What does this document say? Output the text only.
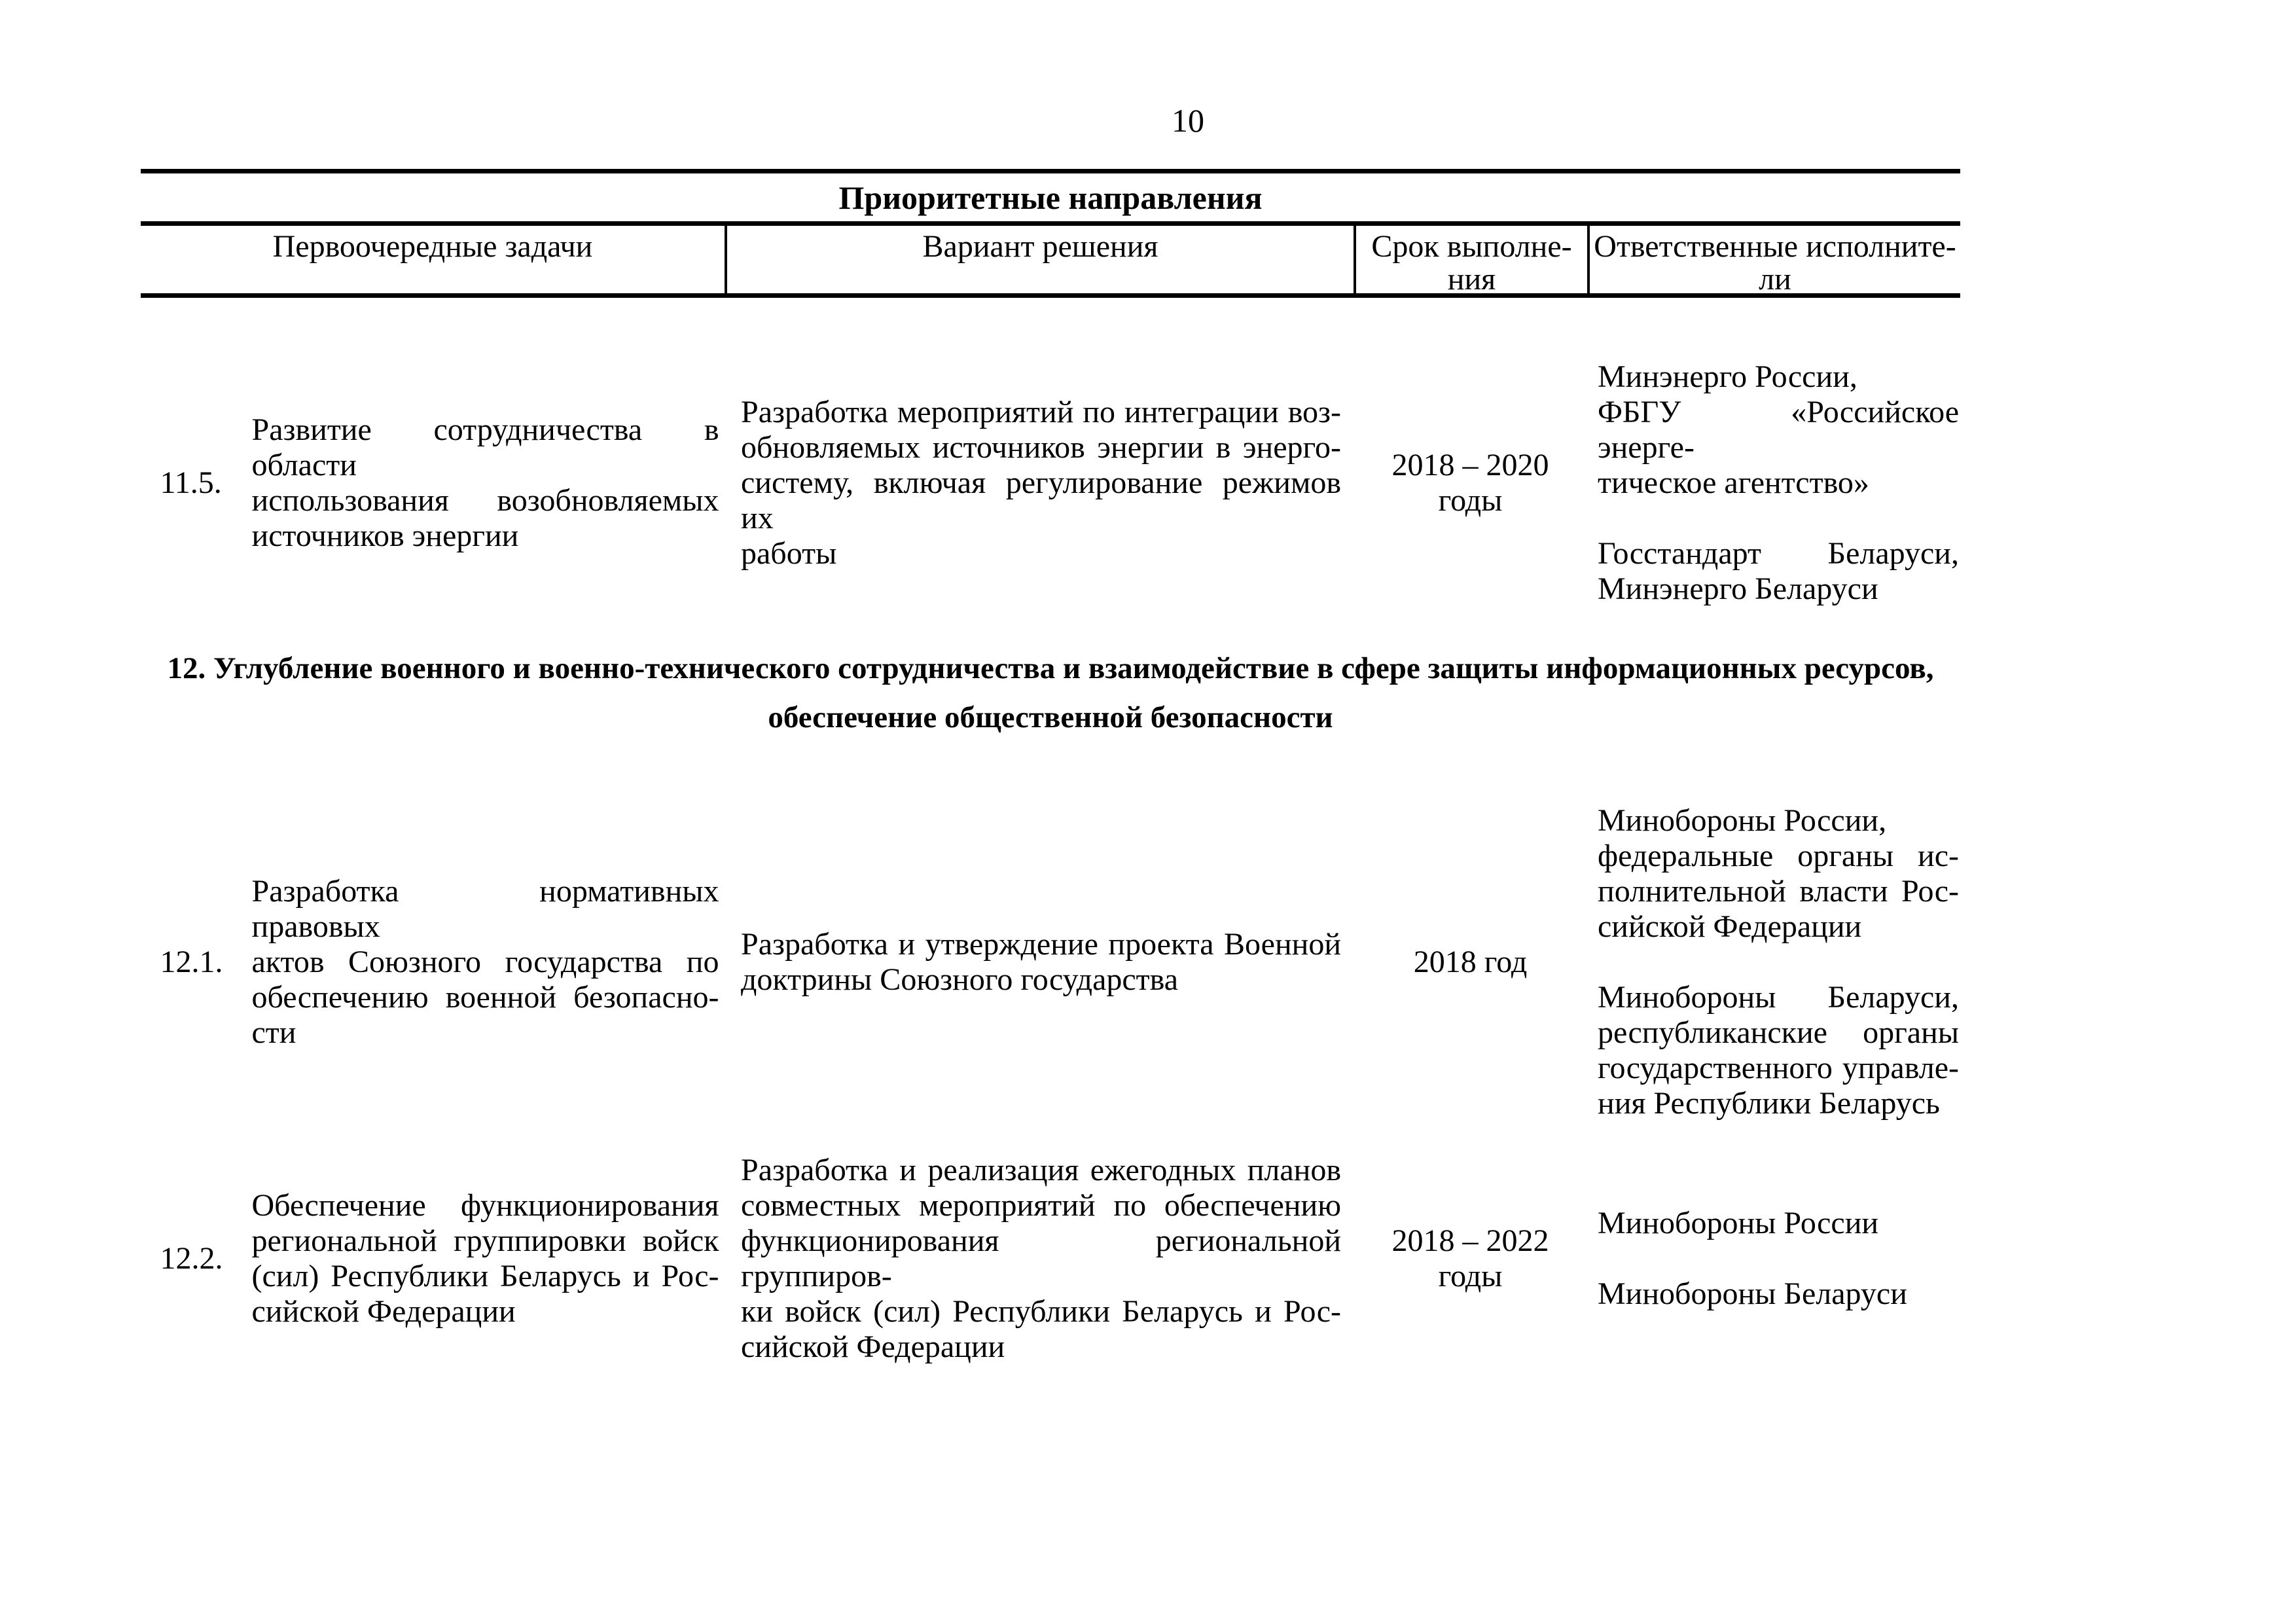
10
Приоритетные направления
Первоочередные задачи	Вариант решения	Срок выполне-
ния
Ответственные исполните-
ли
11.5.
Развитие сотрудничества в области
использования возобновляемых
источников энергии
Разработка мероприятий по интеграции воз-
обновляемых источников энергии в энерго-
систему, включая регулирование режимов их
работы
2018 – 2020
годы
Минэнерго России,
ФБГУ «Российское энерге-
тическое агентство»

Госстандарт Беларуси,
Минэнерго Беларуси
12. Углубление военного и военно-технического сотрудничества и взаимодействие в сфере защиты информационных ресурсов,
обеспечение общественной безопасности
12.1.
Разработка нормативных правовых
актов Союзного государства по
обеспечению военной безопасно-
сти
Разработка и утверждение проекта Военной
доктрины Союзного государства
2018 год
Минобороны России,
федеральные органы ис-
полнительной власти Рос-
сийской Федерации

Минобороны Беларуси,
республиканские органы
государственного управле-
ния Республики Беларусь
12.2.
Обеспечение функционирования
региональной группировки войск
(сил) Республики Беларусь и Рос-
сийской Федерации
Разработка и реализация ежегодных планов
совместных мероприятий по обеспечению
функционирования региональной группиров-
ки войск (сил) Республики Беларусь и Рос-
сийской Федерации
2018 – 2022
годы
Минобороны России

Минобороны Беларуси
